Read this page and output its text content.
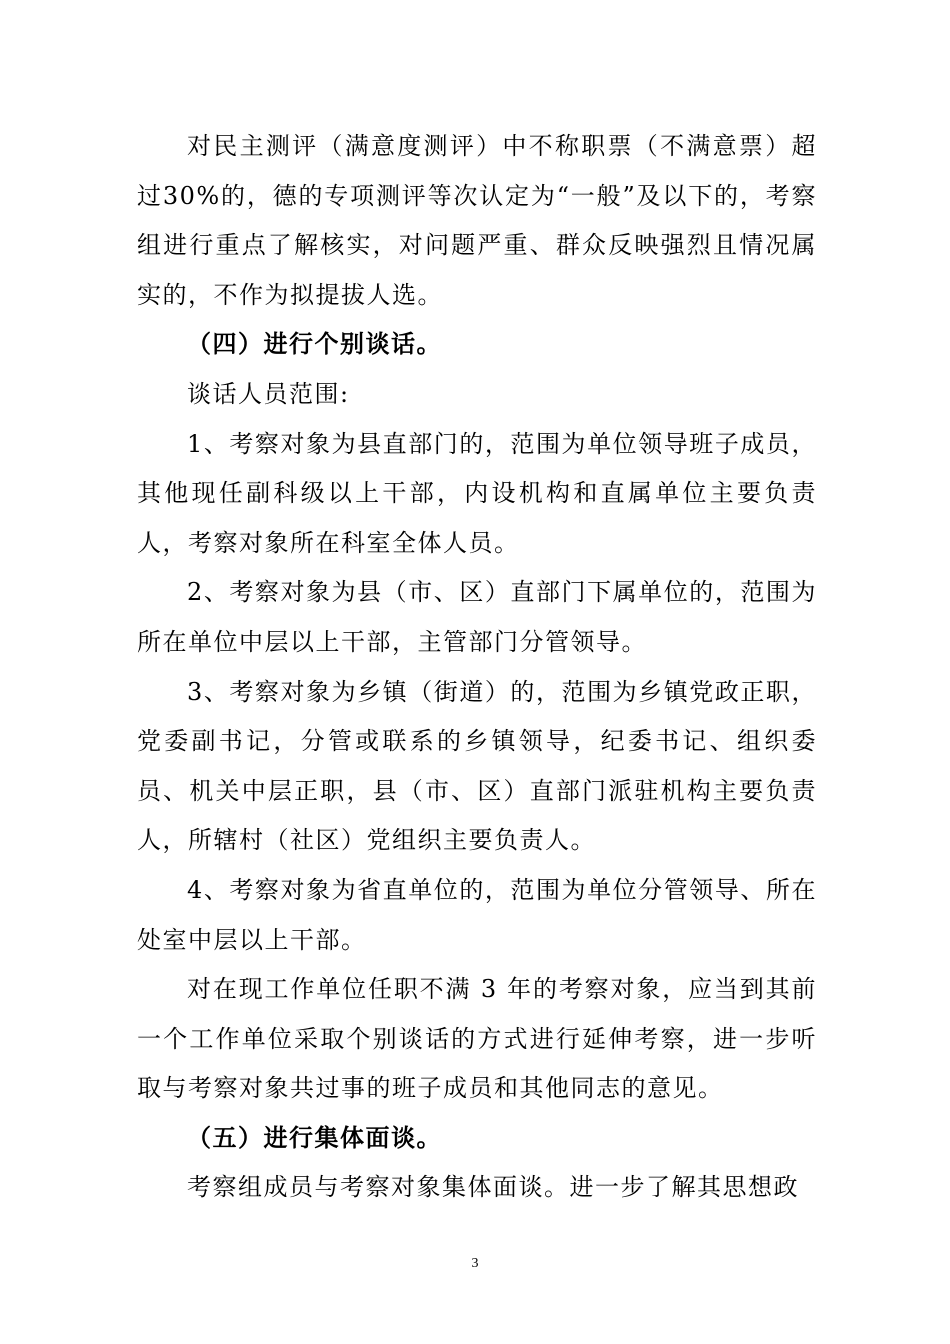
对民主测评（满意度测评）中不称职票（不满意票）超过30%的，德的专项测评等次认定为“一般”及以下的，考察组进行重点了解核实，对问题严重、群众反映强烈且情况属实的，不作为拟提拔人选。

（四）进行个别谈话。

谈话人员范围:

1、考察对象为县直部门的，范围为单位领导班子成员，其他现任副科级以上干部，内设机构和直属单位主要负责人，考察对象所在科室全体人员。

2、考察对象为县（市、区）直部门下属单位的，范围为所在单位中层以上干部，主管部门分管领导。

3、考察对象为乡镇（街道）的，范围为乡镇党政正职，党委副书记，分管或联系的乡镇领导，纪委书记、组织委员、机关中层正职，县（市、区）直部门派驻机构主要负责人，所辖村（社区）党组织主要负责人。

4、考察对象为省直单位的，范围为单位分管领导、所在处室中层以上干部。

对在现工作单位任职不满 3 年的考察对象，应当到其前一个工作单位采取个别谈话的方式进行延伸考察，进一步听取与考察对象共过事的班子成员和其他同志的意见。

（五）进行集体面谈。

考察组成员与考察对象集体面谈。进一步了解其思想政

3
